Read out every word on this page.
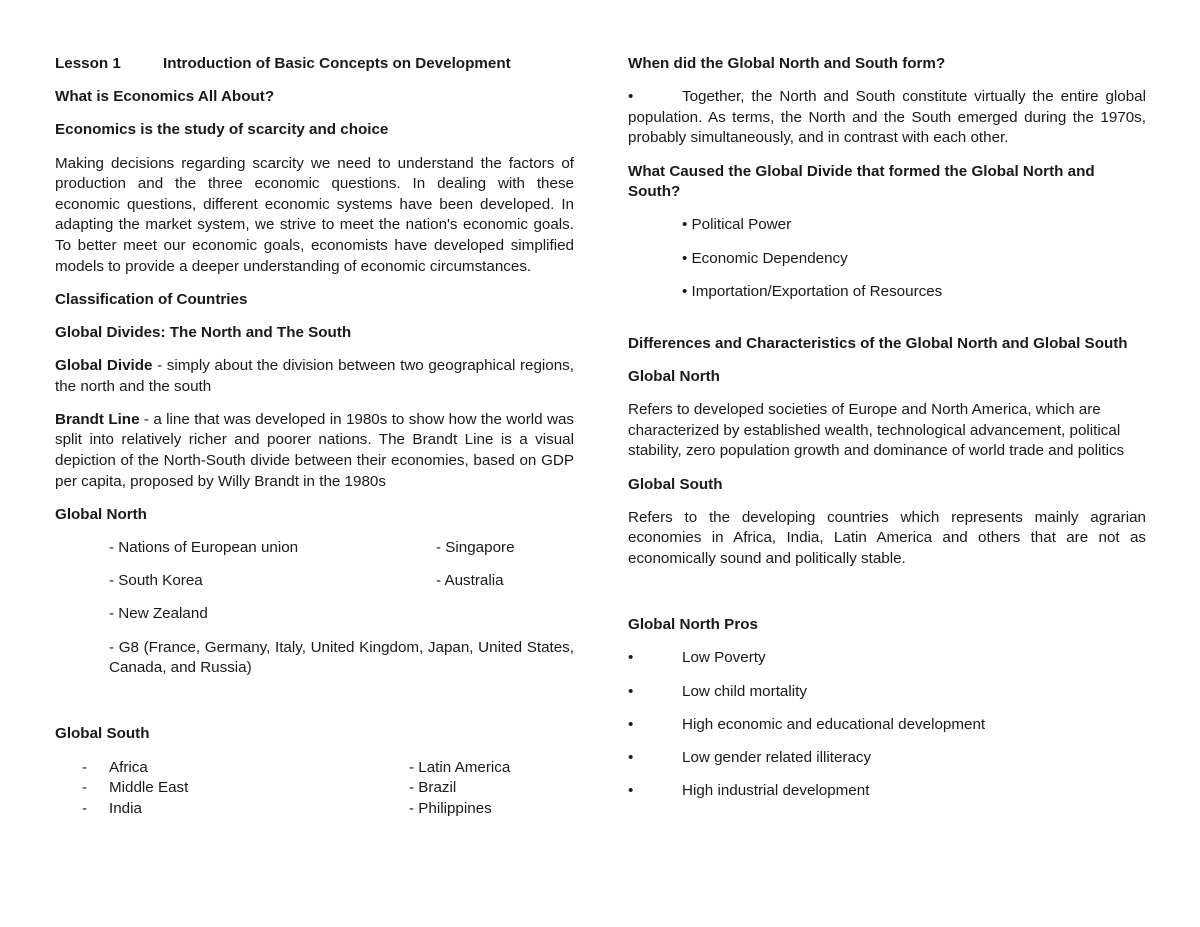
Lesson 1	Introduction of Basic Concepts on Development
What is Economics All About?
Economics is the study of scarcity and choice
Making decisions regarding scarcity we need to understand the factors of production and the three economic questions. In dealing with these economic questions, different economic systems have been developed. In adapting the market system, we strive to meet the nation's economic goals. To better meet our economic goals, economists have developed simplified models to provide a deeper understanding of economic circumstances.
Classification of Countries
Global Divides: The North and The South
Global Divide - simply about the division between two geographical regions, the north and the south
Brandt Line - a line that was developed in 1980s to show how the world was split into relatively richer and poorer nations. The Brandt Line is a visual depiction of the North-South divide between their economies, based on GDP per capita, proposed by Willy Brandt in the 1980s
Global North
- Nations of European union	- Singapore
- South Korea	- Australia
- New Zealand
- G8 (France, Germany, Italy, United Kingdom, Japan, United States, Canada, and Russia)
Global South
-	Africa	- Latin America
-	Middle East	- Brazil
-	India	- Philippines
When did the Global North and South form?
•	Together, the North and South constitute virtually the entire global population. As terms, the North and the South emerged during the 1970s, probably simultaneously, and in contrast with each other.
What Caused the Global Divide that formed the Global North and South?
• Political Power
• Economic Dependency
• Importation/Exportation of Resources
Differences and Characteristics of the Global North and Global South
Global North
Refers to developed societies of Europe and North America, which are characterized by established wealth, technological advancement, political stability, zero population growth and dominance of world trade and politics
Global South
Refers to the developing countries which represents mainly agrarian economies in Africa, India, Latin America and others that are not as economically sound and politically stable.
Global North Pros
•	Low Poverty
•	Low child mortality
•	High economic and educational development
•	Low gender related illiteracy
•	High industrial development
